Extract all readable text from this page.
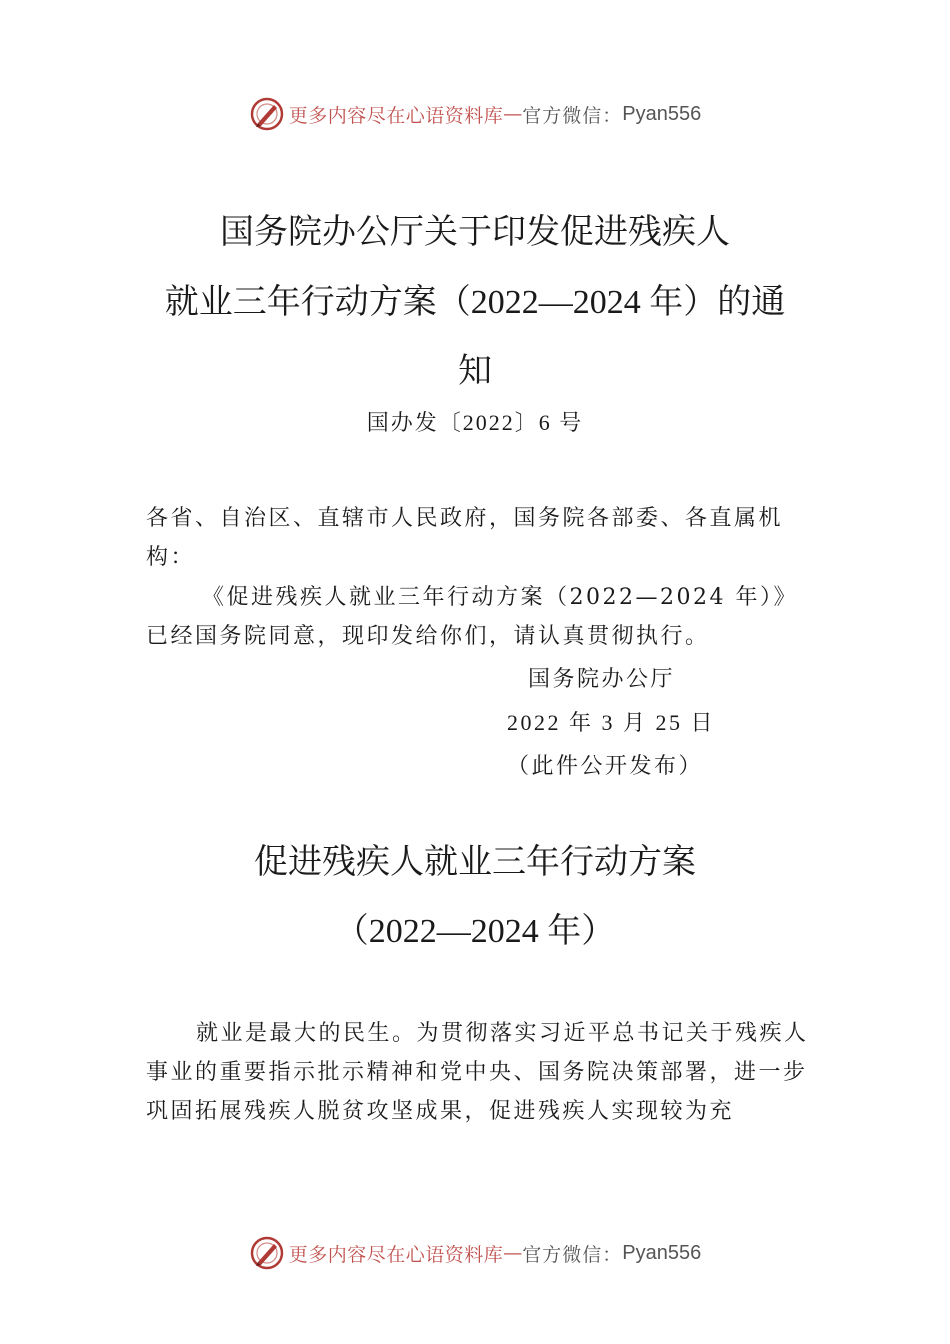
更多内容尽在心语资料库 — 官方微信： Pyan556
国务院办公厅关于印发促进残疾人
就业三年行动方案（2022—2024 年）的通
知
国办发〔2022〕6 号
各省、自治区、直辖市人民政府，国务院各部委、各直属机构：
《促进残疾人就业三年行动方案（2022—2024 年）》已经国务院同意，现印发给你们，请认真贯彻执行。
国务院办公厅
2022 年 3 月 25 日
（此件公开发布）
促进残疾人就业三年行动方案
（2022—2024 年）
就业是最大的民生。为贯彻落实习近平总书记关于残疾人事业的重要指示批示精神和党中央、国务院决策部署，进一步巩固拓展残疾人脱贫攻坚成果，促进残疾人实现较为充
更多内容尽在心语资料库 — 官方微信： Pyan556
